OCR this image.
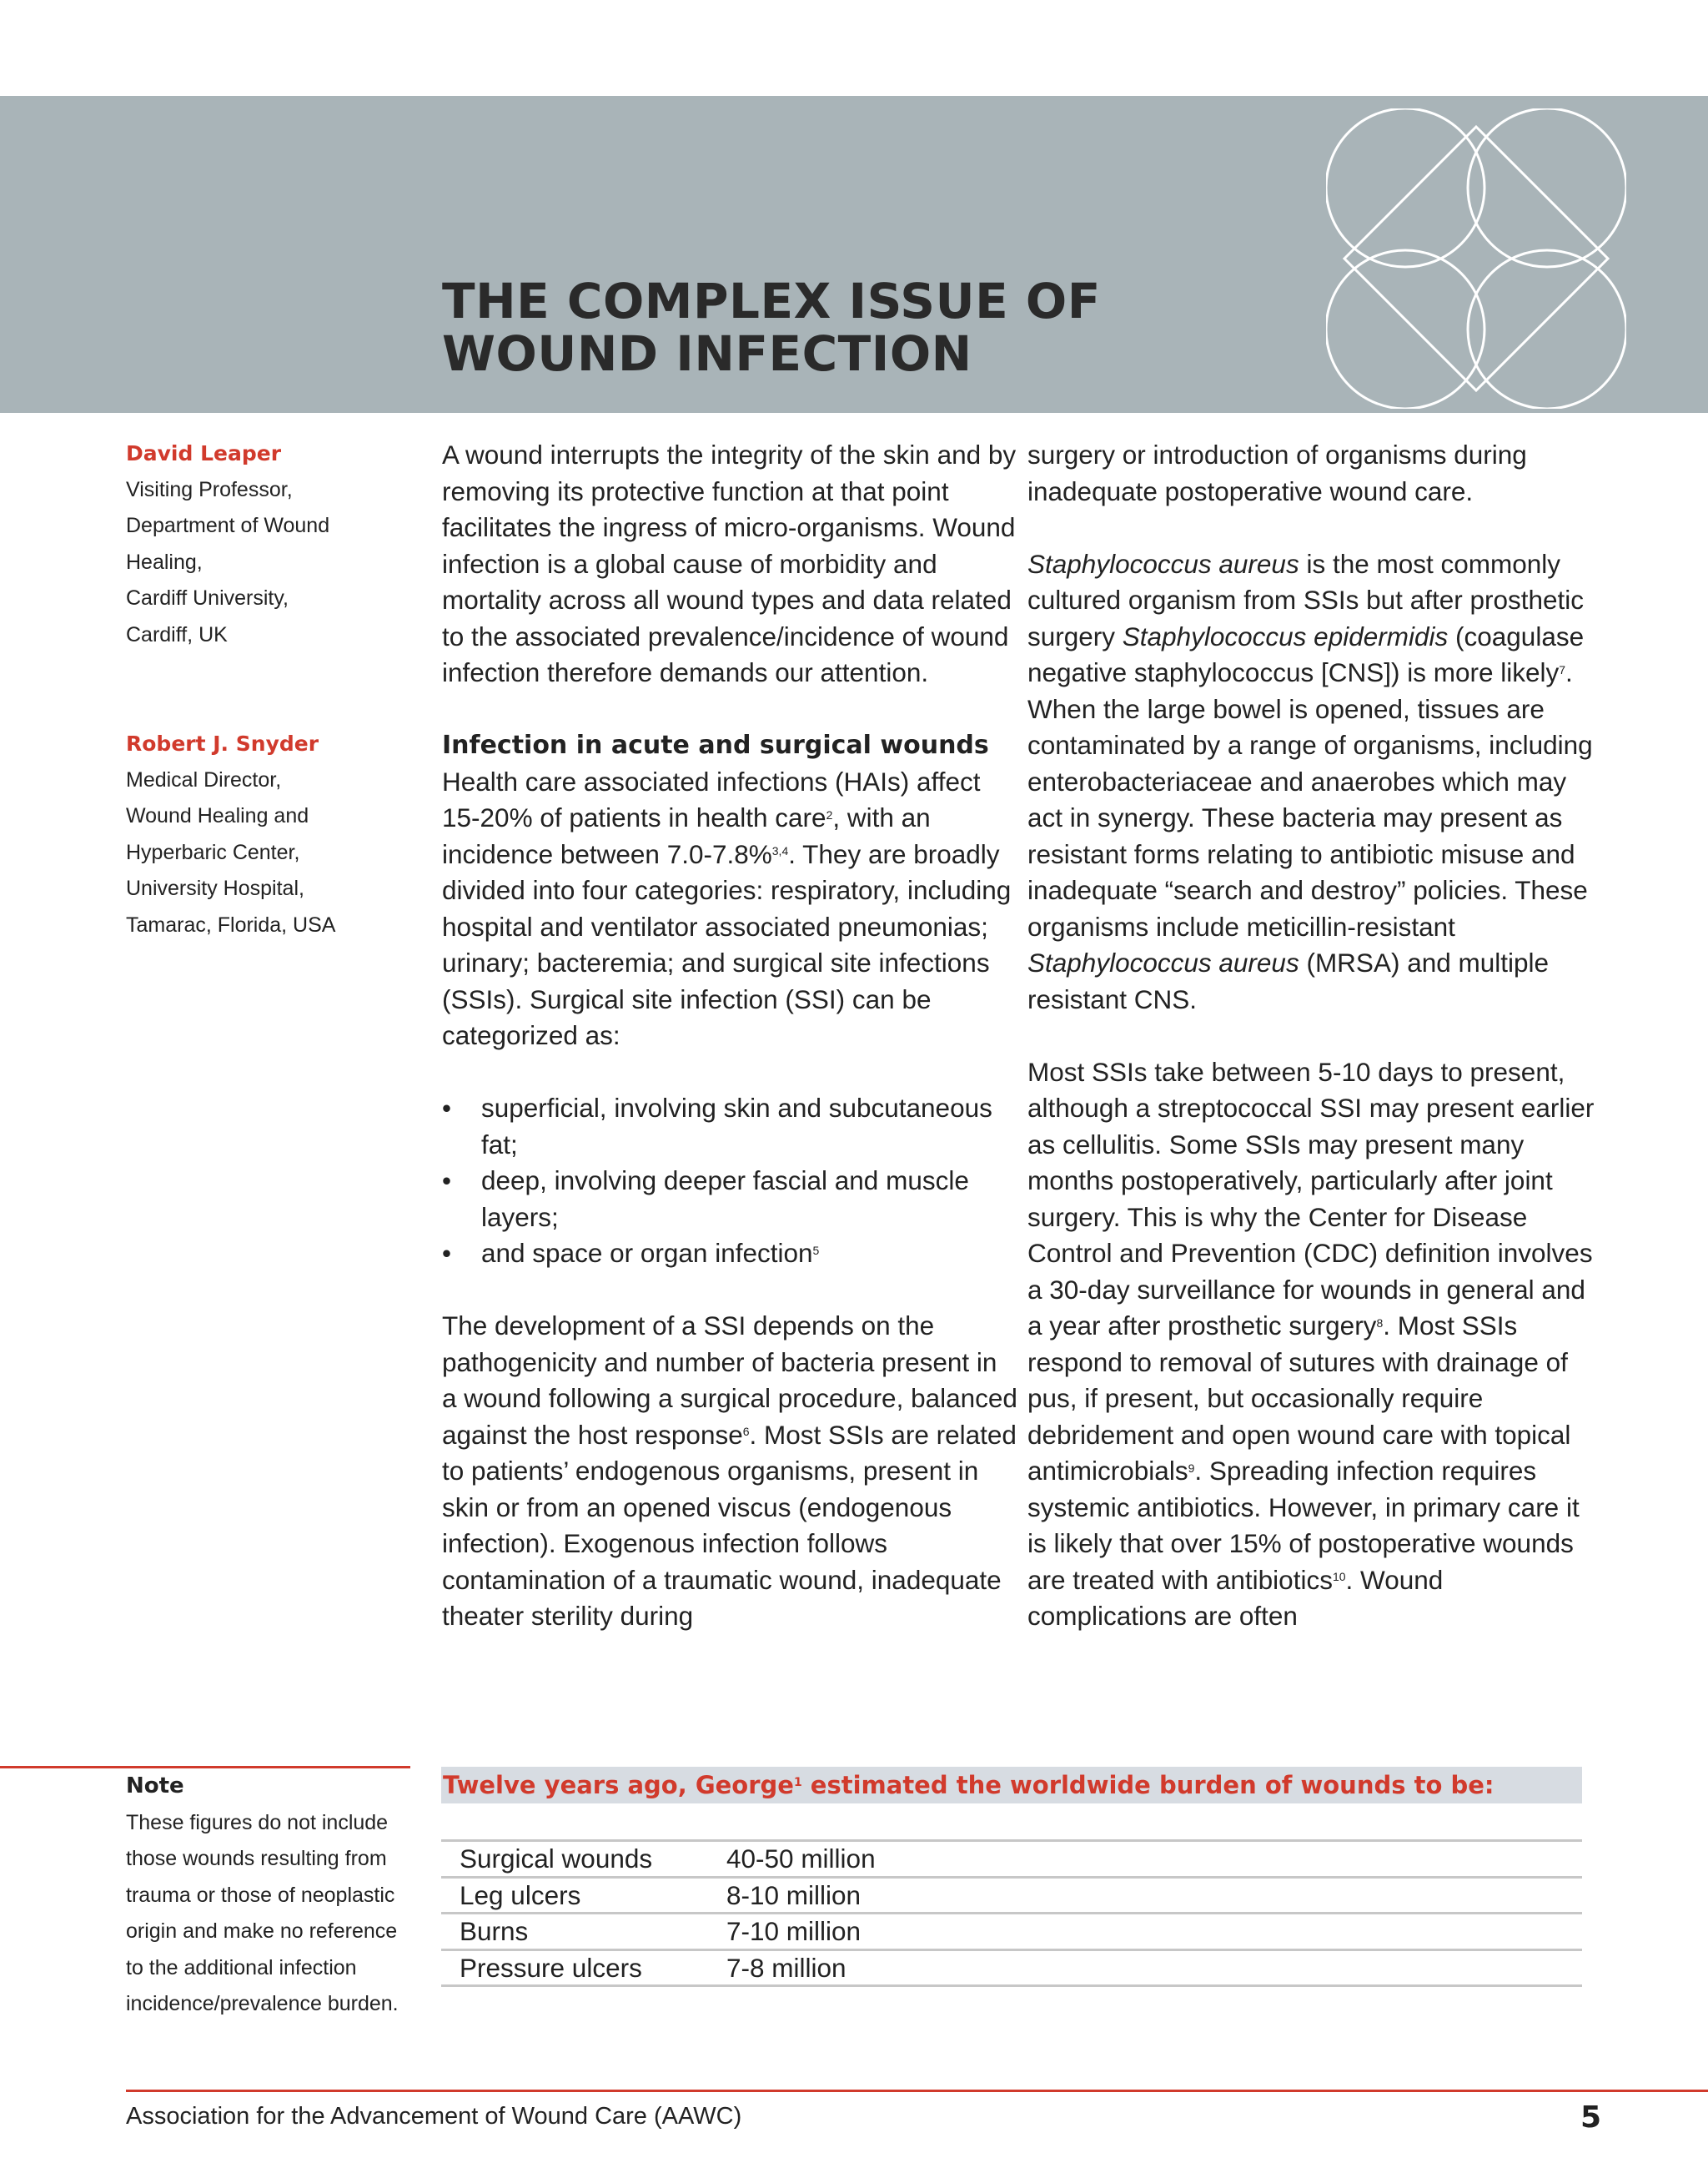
THE COMPLEX ISSUE OF
WOUND INFECTION
David Leaper
Visiting Professor,
Department of Wound
Healing,
Cardiff University,
Cardiff, UK
Robert J. Snyder
Medical Director,
Wound Healing and
Hyperbaric Center,
University Hospital,
Tamarac, Florida, USA

A wound interrupts the integrity of the skin and by removing its protective function at that point facilitates the ingress of micro-organisms. Wound infection is a global cause of morbidity and mortality across all wound types and data related to the associated prevalence/incidence of wound infection therefore demands our attention.

Infection in acute and surgical wounds

Health care associated infections (HAIs) affect 15-20% of patients in health care$^2$, with an incidence between 7.0-7.8%$^{3,4}$. They are broadly divided into four categories: respiratory, including hospital and ventilator associated pneumonias; urinary; bacteremia; and surgical site infections (SSIs). Surgical site infection (SSI) can be categorized as:

• superficial, involving skin and subcutaneous fat;
• deep, involving deeper fascial and muscle layers;
• and space or organ infection$^5$

The development of a SSI depends on the pathogenicity and number of bacteria present in a wound following a surgical procedure, balanced against the host response$^6$. Most SSIs are related to patients’ endogenous organisms, present in skin or from an opened viscus (endogenous infection). Exogenous infection follows contamination of a traumatic wound, inadequate theater sterility during

surgery or introduction of organisms during inadequate postoperative wound care.

Staphylococcus aureus is the most commonly cultured organism from SSIs but after prosthetic surgery Staphylococcus epidermidis (coagulase negative staphylococcus [CNS]) is more likely$^7$. When the large bowel is opened, tissues are contaminated by a range of organisms, including enterobacteriaceae and anaerobes which may act in synergy. These bacteria may present as resistant forms relating to antibiotic misuse and inadequate “search and destroy” policies. These organisms include meticillin-resistant Staphylococcus aureus (MRSA) and multiple resistant CNS.

Most SSIs take between 5-10 days to present, although a streptococcal SSI may present earlier as cellulitis. Some SSIs may present many months postoperatively, particularly after joint surgery. This is why the Center for Disease Control and Prevention (CDC) definition involves a 30-day surveillance for wounds in general and a year after prosthetic surgery$^8$. Most SSIs respond to removal of sutures with drainage of pus, if present, but occasionally require debridement and open wound care with topical antimicrobials$^9$. Spreading infection requires systemic antibiotics. However, in primary care it is likely that over 15% of postoperative wounds are treated with antibiotics$^{10}$. Wound complications are often

Note
These figures do not include those wounds resulting from trauma or those of neoplastic origin and make no reference to the additional infection incidence/prevalence burden.
Twelve years ago, George$^1$ estimated the worldwide burden of wounds to be:
Surgical wounds	40-50 million
Leg ulcers	8-10 million
Burns	7-10 million
Pressure ulcers	7-8 million
Association for the Advancement of Wound Care (AAWC)	5
